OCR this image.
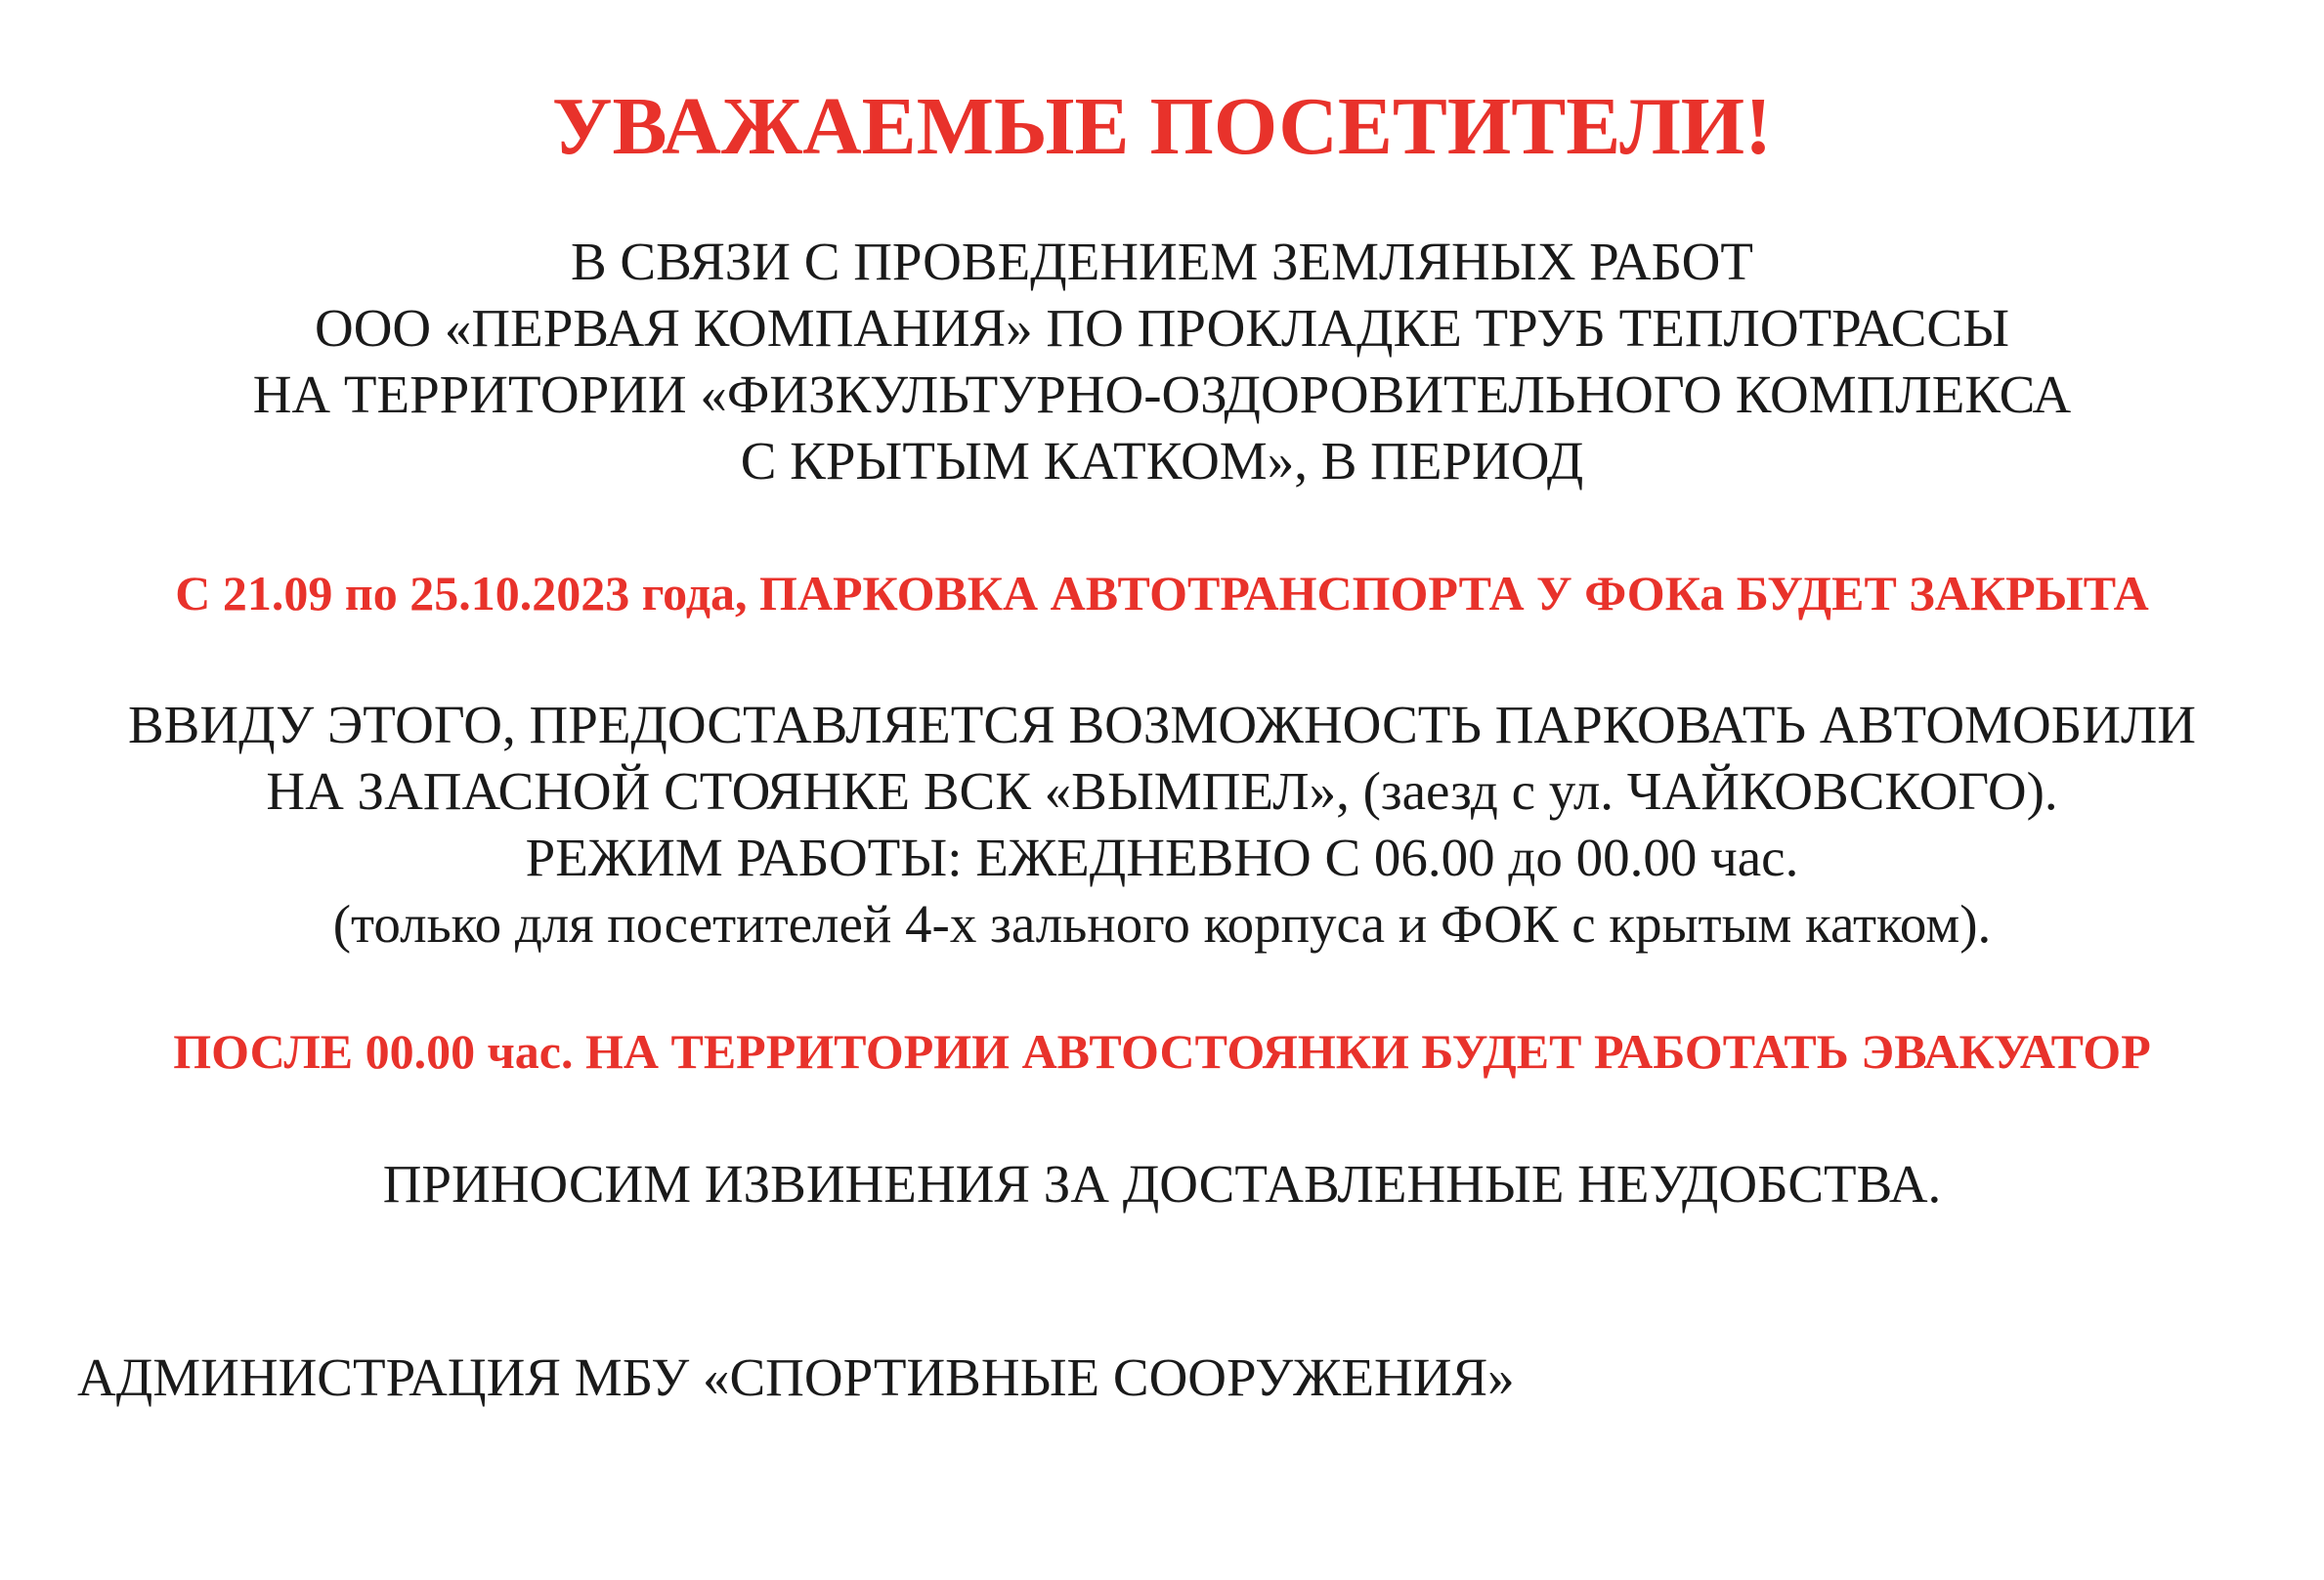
УВАЖАЕМЫЕ ПОСЕТИТЕЛИ!
В СВЯЗИ С ПРОВЕДЕНИЕМ ЗЕМЛЯНЫХ РАБОТ
ООО «ПЕРВАЯ КОМПАНИЯ» ПО ПРОКЛАДКЕ ТРУБ ТЕПЛОТРАССЫ
НА ТЕРРИТОРИИ «ФИЗКУЛЬТУРНО-ОЗДОРОВИТЕЛЬНОГО КОМПЛЕКСА
С КРЫТЫМ КАТКОМ», В ПЕРИОД
С 21.09 по 25.10.2023 года, ПАРКОВКА АВТОТРАНСПОРТА У ФОКа БУДЕТ ЗАКРЫТА
ВВИДУ ЭТОГО, ПРЕДОСТАВЛЯЕТСЯ ВОЗМОЖНОСТЬ ПАРКОВАТЬ АВТОМОБИЛИ
НА ЗАПАСНОЙ СТОЯНКЕ ВСК «ВЫМПЕЛ», (заезд с ул. ЧАЙКОВСКОГО).
РЕЖИМ РАБОТЫ: ЕЖЕДНЕВНО С 06.00 до 00.00 час.
(только для посетителей 4-х зального корпуса и ФОК с крытым катком).
ПОСЛЕ 00.00 час. НА ТЕРРИТОРИИ АВТОСТОЯНКИ БУДЕТ РАБОТАТЬ ЭВАКУАТОР
ПРИНОСИМ ИЗВИНЕНИЯ ЗА ДОСТАВЛЕННЫЕ НЕУДОБСТВА.
АДМИНИСТРАЦИЯ МБУ «СПОРТИВНЫЕ СООРУЖЕНИЯ»
